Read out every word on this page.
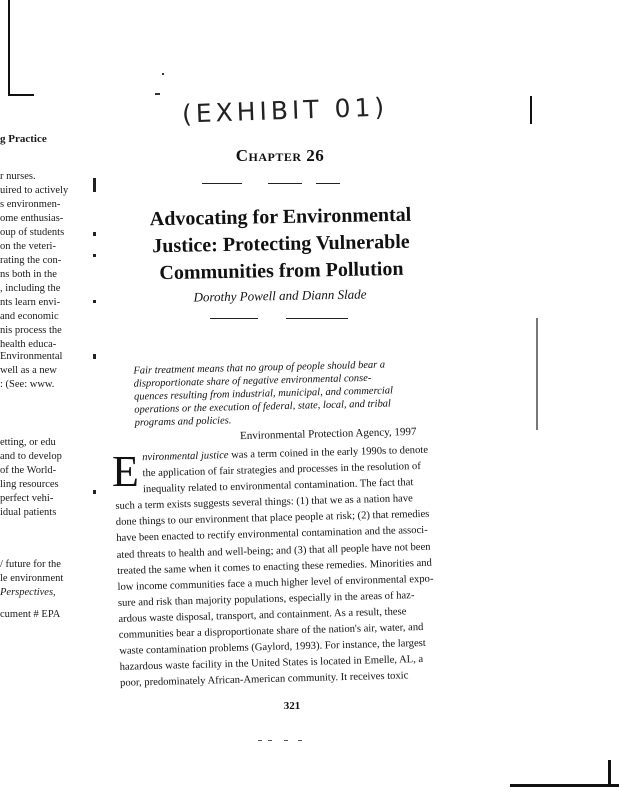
g Practice
r nurses.
uired to actively
s environmen-
ome enthusias-
oup of students
on the veteri-
rating the con-
ns both in the
, including the
nts learn envi-
and economic
nis process the
health educa-
Environmental
well as a new
: (See: www.
etting, or edu
and to develop
of the World-
ling resources
perfect vehi-
idual patients
/ future for the
le environment
Perspectives,
cument # EPA
(EXHIBIT 01)
Chapter 26
Advocating for Environmental
Justice: Protecting Vulnerable
Communities from Pollution
Dorothy Powell and Diann Slade
Fair treatment means that no group of people should bear a
disproportionate share of negative environmental conse-
quences resulting from industrial, municipal, and commercial
operations or the execution of federal, state, local, and tribal
programs and policies.
Environmental Protection Agency, 1997
E nvironmental justice was a term coined in the early 1990s to denote
the application of fair strategies and processes in the resolution of
inequality related to environmental contamination. The fact that
such a term exists suggests several things: (1) that we as a nation have
done things to our environment that place people at risk; (2) that remedies
have been enacted to rectify environmental contamination and the associ-
ated threats to health and well-being; and (3) that all people have not been
treated the same when it comes to enacting these remedies. Minorities and
low income communities face a much higher level of environmental expo-
sure and risk than majority populations, especially in the areas of haz-
ardous waste disposal, transport, and containment. As a result, these
communities bear a disproportionate share of the nation's air, water, and
waste contamination problems (Gaylord, 1993). For instance, the largest
hazardous waste facility in the United States is located in Emelle, AL, a
poor, predominately African-American community. It receives toxic
321
